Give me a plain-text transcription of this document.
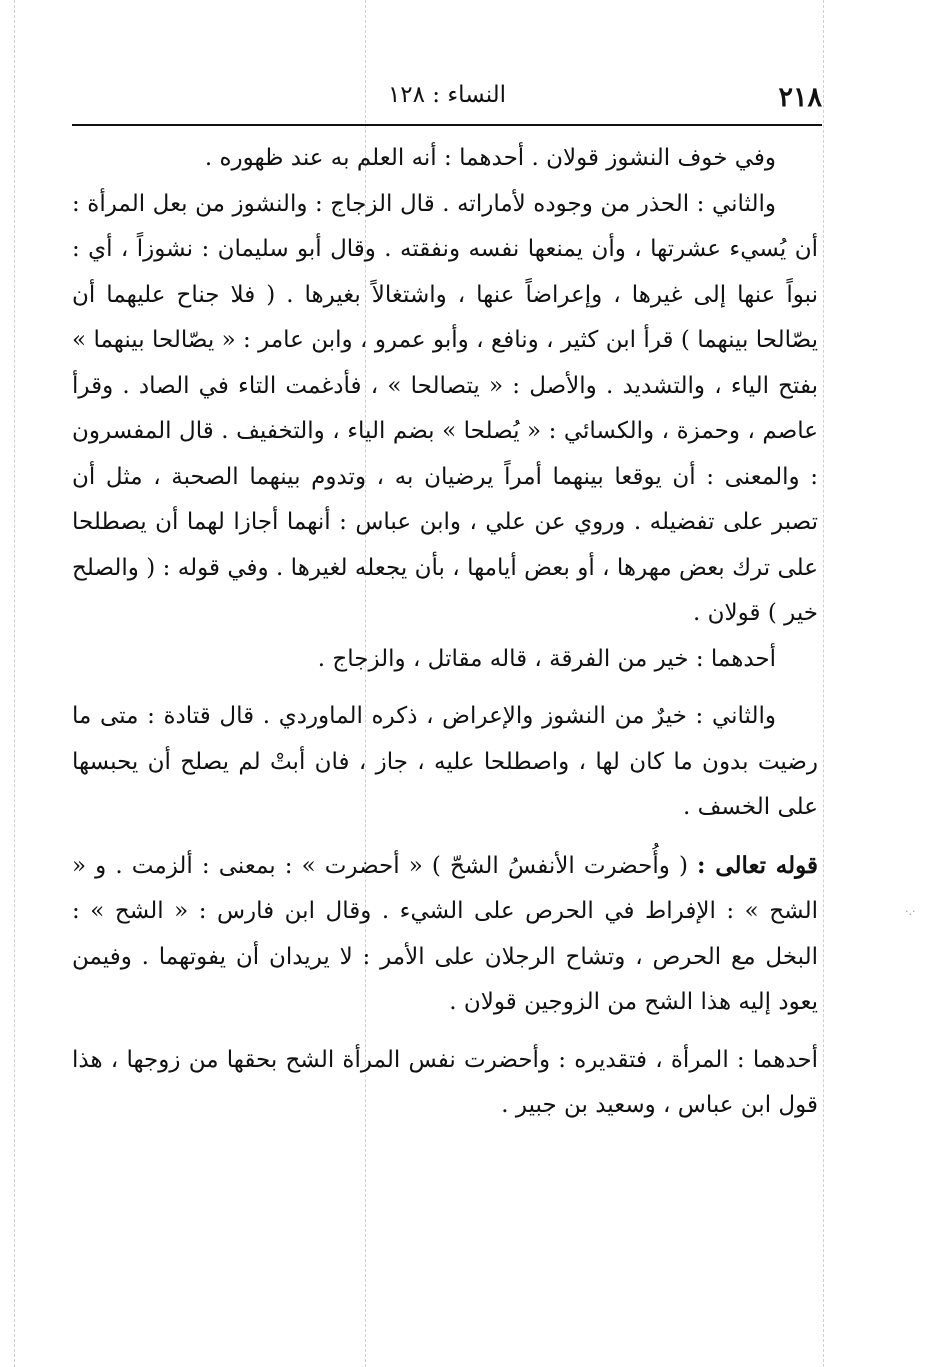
٢١٨
النساء : ١٢٨

وفي خوف النشوز قولان . أحدهما : أنه العلم به عند ظهوره .

والثاني : الحذر من وجوده لأماراته . قال الزجاج : والنشوز من بعل المرأة : أن يُسيء عشرتها ، وأن يمنعها نفسه ونفقته . وقال أبو سليمان : نشوزاً ، أي : نبواً عنها إلى غيرها ، وإعراضاً عنها ، واشتغالاً بغيرها . ( فلا جناح عليهما أن يصّالحا بينهما ) قرأ ابن كثير ، ونافع ، وأبو عمرو ، وابن عامر : « يصّالحا بينهما » بفتح الياء ، والتشديد . والأصل : « يتصالحا » ، فأدغمت التاء في الصاد . وقرأ عاصم ، وحمزة ، والكسائي : « يُصلحا » بضم الياء ، والتخفيف . قال المفسرون : والمعنى : أن يوقعا بينهما أمراً يرضيان به ، وتدوم بينهما الصحبة ، مثل أن تصبر على تفضيله . وروي عن علي ، وابن عباس : أنهما أجازا لهما أن يصطلحا على ترك بعض مهرها ، أو بعض أيامها ، بأن يجعله لغيرها . وفي قوله : ( والصلح خير ) قولان .

أحدهما : خير من الفرقة ، قاله مقاتل ، والزجاج .

والثاني : خيرٌ من النشوز والإعراض ، ذكره الماوردي . قال قتادة : متى ما رضيت بدون ما كان لها ، واصطلحا عليه ، جاز ، فان أبتْ لم يصلح أن يحبسها على الخسف .

قوله تعالى : ( وأُحضرت الأنفسُ الشحّ ) « أحضرت » : بمعنى : ألزمت . و « الشح » : الإفراط في الحرص على الشيء . وقال ابن فارس : « الشح » : البخل مع الحرص ، وتشاح الرجلان على الأمر : لا يريدان أن يفوتهما . وفيمن يعود إليه هذا الشح من الزوجين قولان .

أحدهما : المرأة ، فتقديره : وأحضرت نفس المرأة الشح بحقها من زوجها ، هذا قول ابن عباس ، وسعيد بن جبير .

·.·
